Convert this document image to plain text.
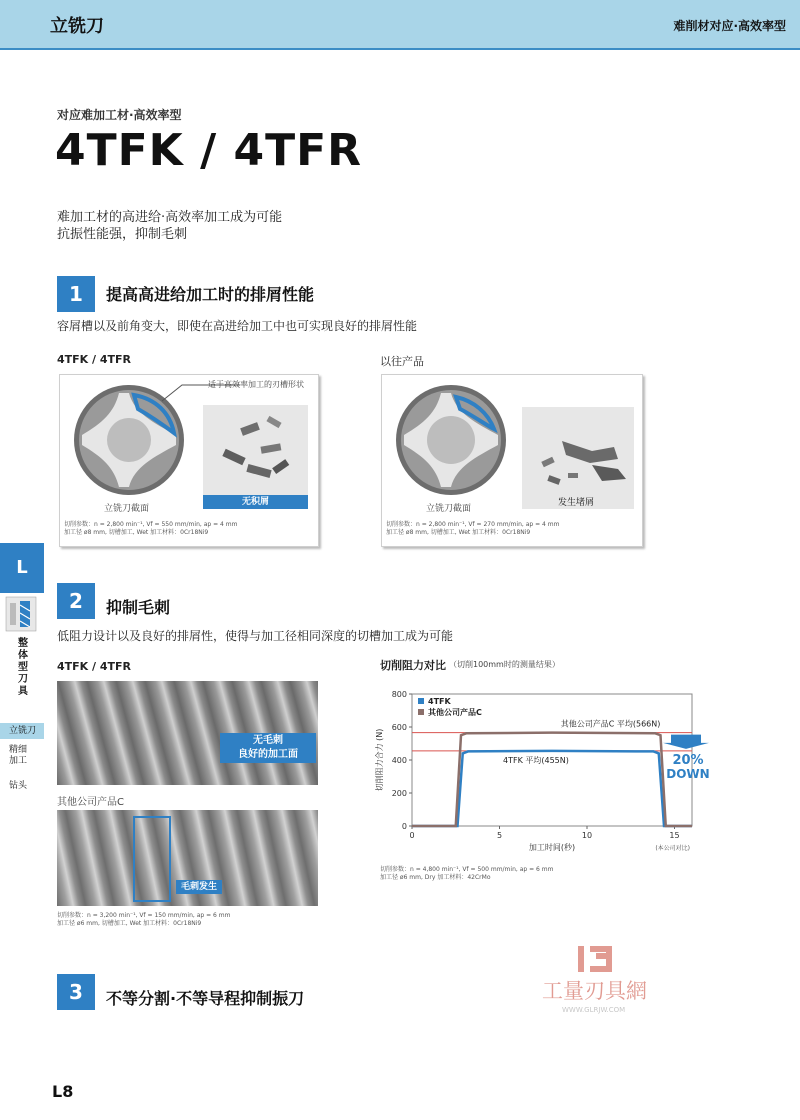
立铣刀	难削材对应·高效率型
对应难加工材·高效率型
4TFK / 4TFR
难加工材的高进给·高效率加工成为可能
抗振性能强，抑制毛刺
1	提高高进给加工时的排屑性能
容屑槽以及前角变大，即使在高进给加工中也可实现良好的排屑性能
4TFK / 4TFR	以往产品
适于高效率加工的刃槽形状
立铣刀截面
无积屑
切削参数：n = 2,800 min⁻¹, Vf = 550 mm/min, ap = 4 mm
加工径 ø8 mm, 切槽加工, Wet 加工材料：0Cr18Ni9
立铣刀截面
发生堵屑
切削参数：n = 2,800 min⁻¹, Vf = 270 mm/min, ap = 4 mm
加工径 ø8 mm, 切槽加工, Wet 加工材料：0Cr18Ni9
L
整体型刀具
立铣刀
精细加工
钻头
2	抑制毛刺
低阻力设计以及良好的排屑性，使得与加工径相同深度的切槽加工成为可能
4TFK / 4TFR
无毛刺
良好的加工面
其他公司产品C
毛刺发生
切削参数：n = 3,200 min⁻¹, Vf = 150 mm/min, ap = 6 mm
加工径 ø6 mm, 切槽加工, Wet 加工材料：0Cr18Ni9
切削阻力对比 （切削100mm时的测量结果）
0
200
400
600
800
0	5	10	15
加工时间(秒)	(本公司对比)
切削阻力合力 (N)
4TFK
其他公司产品C
其他公司产品C 平均(566N)
4TFK 平均(455N)	20%
DOWN
切削参数：n = 4,800 min⁻¹, Vf = 500 mm/min, ap = 6 mm
加工径 ø6 mm, Dry 加工材料：42CrMo
3	不等分割·不等导程抑制振刀	工量刃具網
WWW.GLRJW.COM
L8
